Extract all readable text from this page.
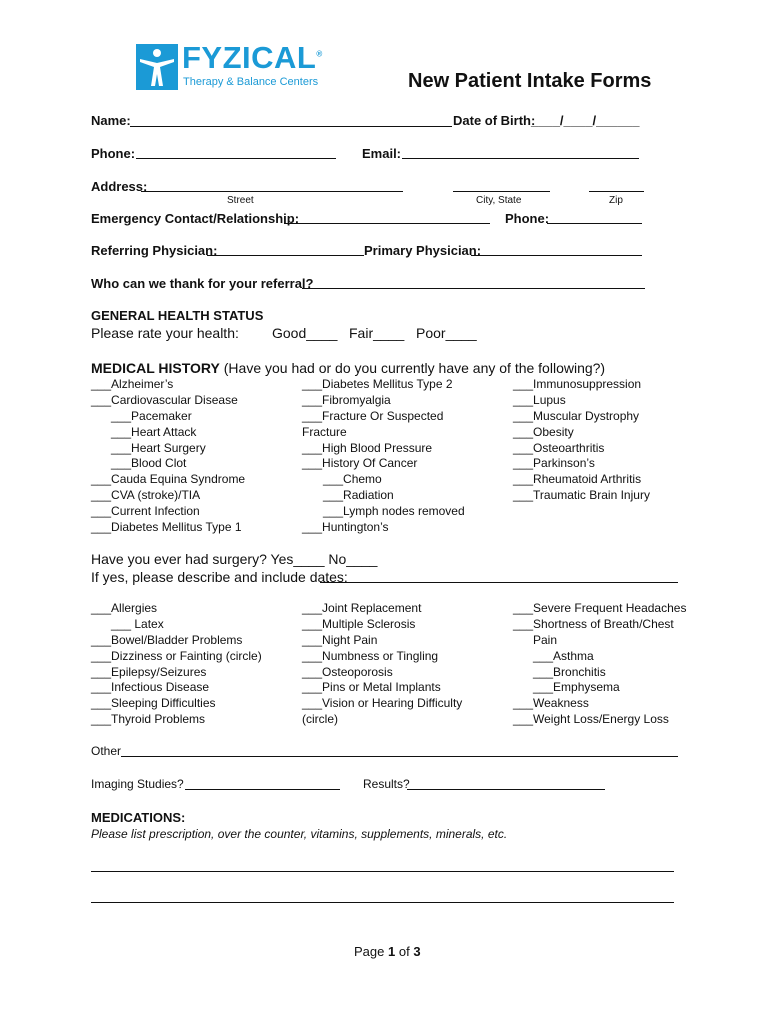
FYZICAL®
Therapy & Balance Centers	New Patient Intake Forms
Name:	Date of Birth:
____/____/______
Phone:	Email:
Address:
Street	City, State	Zip
Emergency Contact/Relationship:	Phone:
Referring Physician:	Primary Physician:
Who can we thank for your referral?
GENERAL HEALTH STATUS
Please rate your health: Good____ Fair____ Poor____
MEDICAL HISTORY (Have you had or do you currently have any of the following?)
___Alzheimer’s
___Cardiovascular Disease
___Pacemaker
___Heart Attack
___Heart Surgery
___Blood Clot
___Cauda Equina Syndrome
___CVA (stroke)/TIA
___Current Infection
___Diabetes Mellitus Type 1
___Diabetes Mellitus Type 2
___Fibromyalgia
___Fracture Or Suspected
Fracture
___High Blood Pressure
___History Of Cancer
___Chemo
___Radiation
___Lymph nodes removed
___Huntington’s
___Immunosuppression
___Lupus
___Muscular Dystrophy
___Obesity
___Osteoarthritis
___Parkinson’s
___Rheumatoid Arthritis
___Traumatic Brain Injury
Have you ever had surgery? Yes____ No____
If yes, please describe and include dates:
___Allergies
___ Latex
___Bowel/Bladder Problems
___Dizziness or Fainting (circle)
___Epilepsy/Seizures
___Infectious Disease
___Sleeping Difficulties
___Thyroid Problems
___Joint Replacement
___Multiple Sclerosis
___Night Pain
___Numbness or Tingling
___Osteoporosis
___Pins or Metal Implants
___Vision or Hearing Difficulty
(circle)
___Severe Frequent Headaches
___Shortness of Breath/Chest
Pain
___Asthma
___Bronchitis
___Emphysema
___Weakness
___Weight Loss/Energy Loss
Other
Imaging Studies?	Results?
MEDICATIONS:
Please list prescription, over the counter, vitamins, supplements, minerals, etc.
Page 1 of 3
